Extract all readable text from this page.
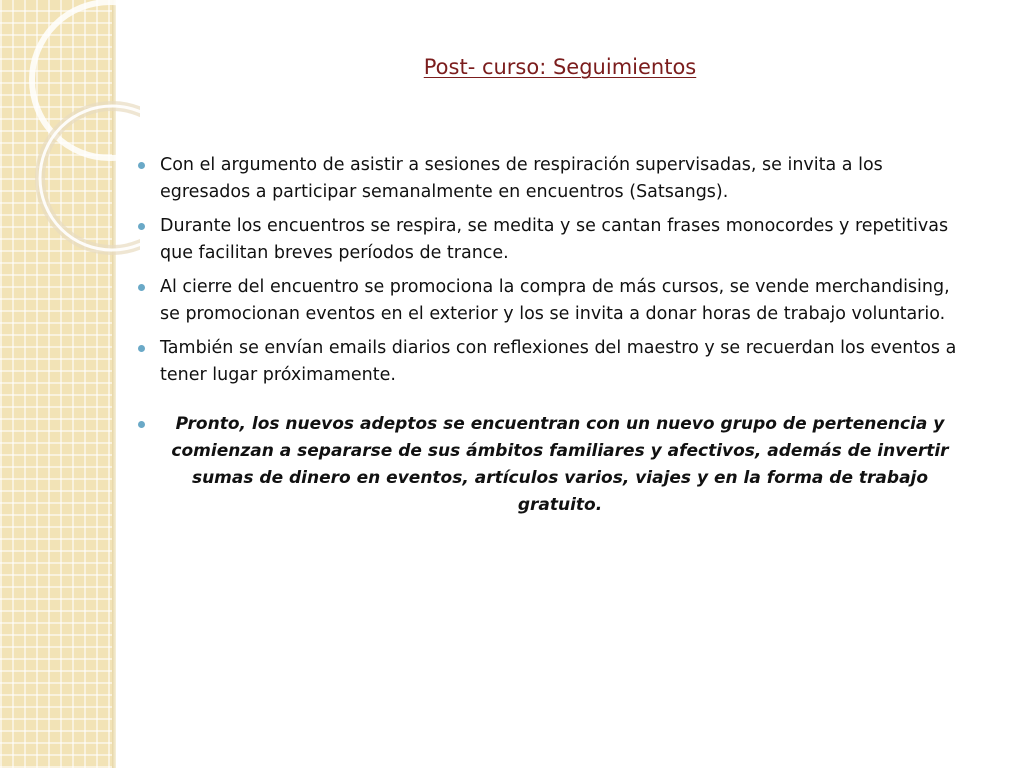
Post- curso: Seguimientos
Con el argumento de asistir a sesiones de respiración supervisadas, se invita a los egresados a participar semanalmente en encuentros (Satsangs).
Durante los encuentros se respira, se medita y se cantan frases monocordes y repetitivas que facilitan breves períodos de trance.
Al cierre del encuentro se promociona la compra de más cursos, se vende merchandising, se promocionan eventos en el exterior y los se invita a donar horas de trabajo voluntario.
También se envían emails diarios con reflexiones del maestro y se recuerdan los eventos a tener lugar próximamente.
Pronto, los nuevos adeptos se encuentran con un nuevo grupo de pertenencia y comienzan a separarse de sus ámbitos familiares y afectivos, además de invertir sumas de dinero en eventos, artículos varios, viajes y en la forma de trabajo gratuito.
